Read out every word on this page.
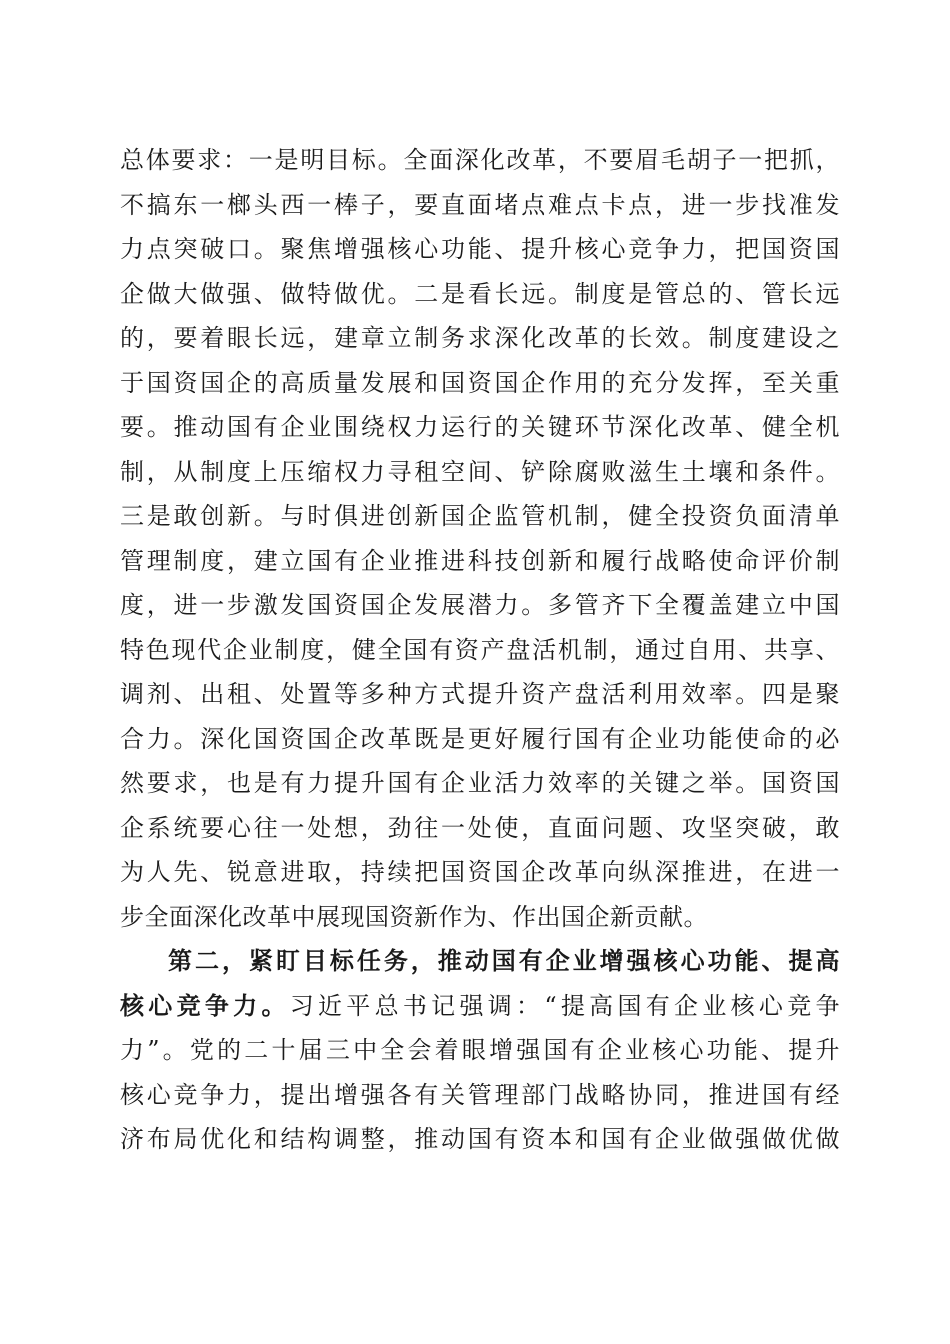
总体要求：一是明目标。全面深化改革，不要眉毛胡子一把抓，
不搞东一榔头西一棒子，要直面堵点难点卡点，进一步找准发
力点突破口。聚焦增强核心功能、提升核心竞争力，把国资国
企做大做强、做特做优。二是看长远。制度是管总的、管长远
的，要着眼长远，建章立制务求深化改革的长效。制度建设之
于国资国企的高质量发展和国资国企作用的充分发挥，至关重
要。推动国有企业围绕权力运行的关键环节深化改革、健全机
制，从制度上压缩权力寻租空间、铲除腐败滋生土壤和条件。
三是敢创新。与时俱进创新国企监管机制，健全投资负面清单
管理制度，建立国有企业推进科技创新和履行战略使命评价制
度，进一步激发国资国企发展潜力。多管齐下全覆盖建立中国
特色现代企业制度，健全国有资产盘活机制，通过自用、共享、
调剂、出租、处置等多种方式提升资产盘活利用效率。四是聚
合力。深化国资国企改革既是更好履行国有企业功能使命的必
然要求，也是有力提升国有企业活力效率的关键之举。国资国
企系统要心往一处想，劲往一处使，直面问题、攻坚突破，敢
为人先、锐意进取，持续把国资国企改革向纵深推进，在进一
步全面深化改革中展现国资新作为、作出国企新贡献。
第二，紧盯目标任务，推动国有企业增强核心功能、提高
核心竞争力。习近平总书记强调：“提高国有企业核心竞争
力”。党的二十届三中全会着眼增强国有企业核心功能、提升
核心竞争力，提出增强各有关管理部门战略协同，推进国有经
济布局优化和结构调整，推动国有资本和国有企业做强做优做
